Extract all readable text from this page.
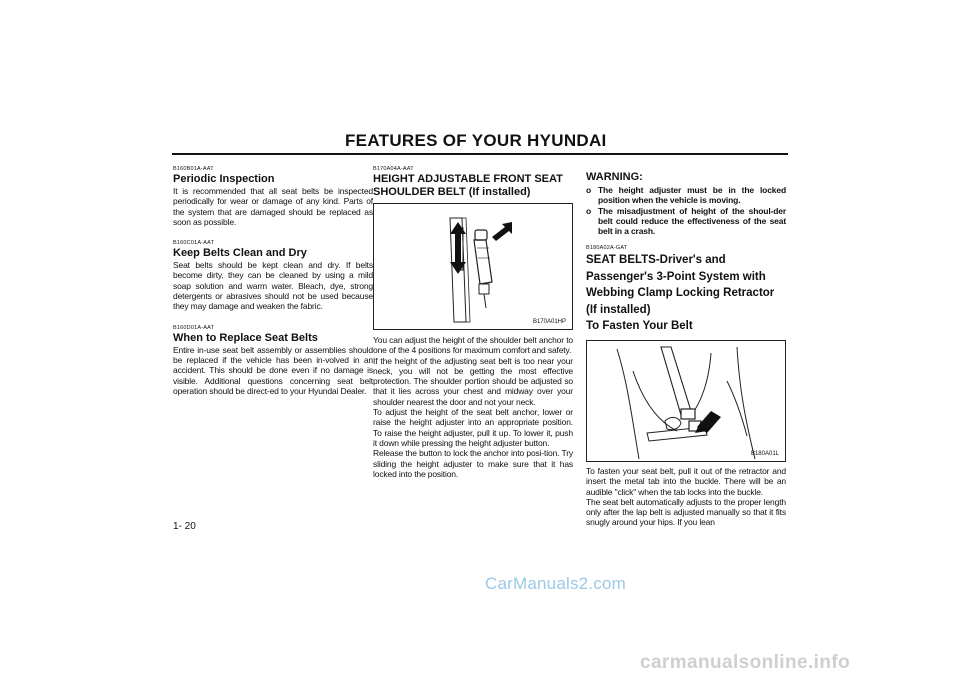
FEATURES OF YOUR HYUNDAI
B160B01A-AAT
Periodic Inspection
It is recommended that all seat belts be inspected periodically for wear or damage of any kind. Parts of the system that are damaged should be replaced as soon as possible.
B160C01A-AAT
Keep Belts Clean and Dry
Seat belts should be kept clean and dry. If belts become dirty, they can be cleaned by using a mild soap solution and warm water. Bleach, dye, strong detergents or abrasives should not be used because they may damage and weaken the fabric.
B160D01A-AAT
When to Replace Seat Belts
Entire in-use seat belt assembly or assemblies should be replaced if the vehicle has been in-volved in an accident. This should be done even if no damage is visible. Additional questions concerning seat belt operation should be direct-ed to your Hyundai Dealer.
B170A04A-AAT
HEIGHT ADJUSTABLE FRONT SEAT
SHOULDER BELT (If installed)
B170A01HP
You can adjust the height of the shoulder belt anchor to one of the 4 positions for maximum comfort and safety.
If the height of the adjusting seat belt is too near your neck, you will not be getting the most effective protection. The shoulder portion should be adjusted so that it lies across your chest and midway over your shoulder nearest the door and not your neck.
To adjust the height of the seat belt anchor, lower or raise the height adjuster into an appropriate position. To raise the height adjuster, pull it up. To lower it, push it down while pressing the height adjuster button.
Release the button to lock the anchor into posi-tion. Try sliding the height adjuster to make sure that it has locked into the position.
WARNING:
o The height adjuster must be in the locked position when the vehicle is moving.
o The misadjustment of height of the shoul-der belt could reduce the effectiveness of the seat belt in a crash.
B180A02A-GAT
SEAT BELTS-Driver's and
Passenger's 3-Point System with
Webbing Clamp Locking Retractor
(If installed)
To Fasten Your Belt
B180A01L
To fasten your seat belt, pull it out of the retractor and insert the metal tab into the buckle. There will be an audible "click" when the tab locks into the buckle.
The seat belt automatically adjusts to the proper length only after the lap belt is adjusted manually so that it fits snugly around your hips. If you lean
1- 20
CarManuals2.com
carmanualsonline.info
